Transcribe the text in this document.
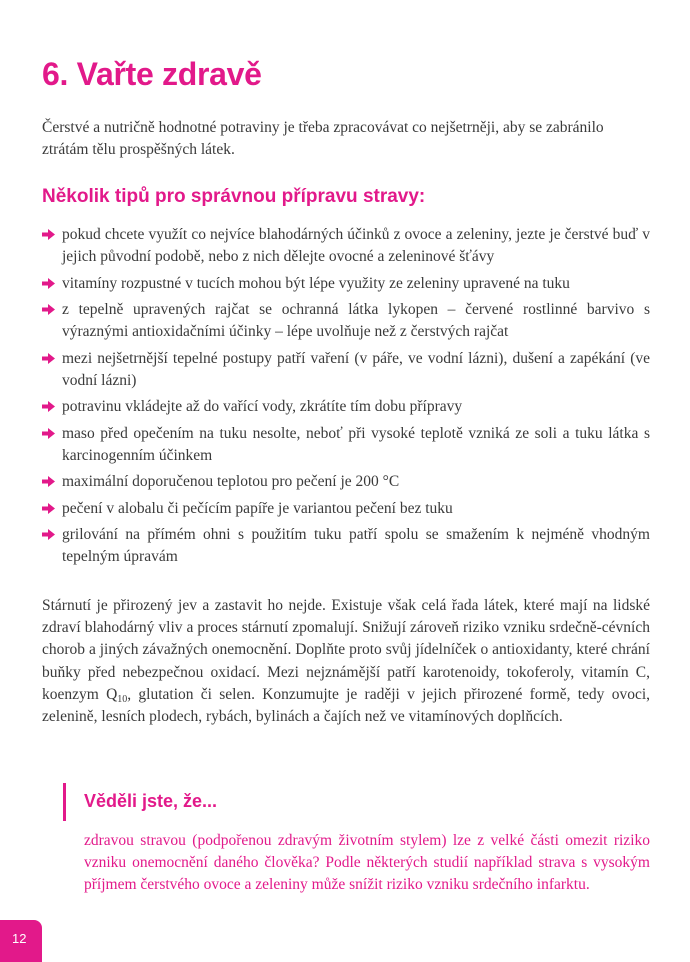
6. Vařte zdravě

Čerstvé a nutričně hodnotné potraviny je třeba zpracovávat co nejšetrněji, aby se zabránilo ztrátám tělu prospěšných látek.

Několik tipů pro správnou přípravu stravy:
pokud chcete využít co nejvíce blahodárných účinků z ovoce a zeleniny, jezte je čerstvé buď v jejich původní podobě, nebo z nich dělejte ovocné a zeleninové šťávy
vitamíny rozpustné v tucích mohou být lépe využity ze zeleniny upravené na tuku
z tepelně upravených rajčat se ochranná látka lykopen – červené rostlinné barvivo s výraznými antioxidačními účinky – lépe uvolňuje než z čerstvých rajčat
mezi nejšetrnější tepelné postupy patří vaření (v páře, ve vodní lázni), dušení a zapékání (ve vodní lázni)
potravinu vkládejte až do vařící vody, zkrátíte tím dobu přípravy
maso před opečením na tuku nesolte, neboť při vysoké teplotě vzniká ze soli a tuku látka s karcinogenním účinkem
maximální doporučenou teplotou pro pečení je 200 °C
pečení v alobalu či pečícím papíře je variantou pečení bez tuku
grilování na přímém ohni s použitím tuku patří spolu se smažením k nejméně vhodným tepelným úpravám

Stárnutí je přirozený jev a zastavit ho nejde. Existuje však celá řada látek, které mají na lidské zdraví blahodárný vliv a proces stárnutí zpomalují. Snižují zároveň riziko vzniku srdečně-cévních chorob a jiných závažných onemocnění. Doplňte proto svůj jídelníček o antioxidanty, které chrání buňky před nebezpečnou oxidací. Mezi nejznámější patří karotenoidy, tokoferoly, vitamín C, koenzym $Q_{10}$, glutation či selen. Konzumujte je raději v jejich přirozené formě, tedy ovoci, zelenině, lesních plodech, rybách, bylinách a čajích než ve vitamínových doplňcích.

Věděli jste, že...

zdravou stravou (podpořenou zdravým životním stylem) lze z velké části omezit riziko vzniku onemocnění daného člověka? Podle některých studií například strava s vysokým příjmem čerstvého ovoce a zeleniny může snížit riziko vzniku srdečního infarktu.

12
